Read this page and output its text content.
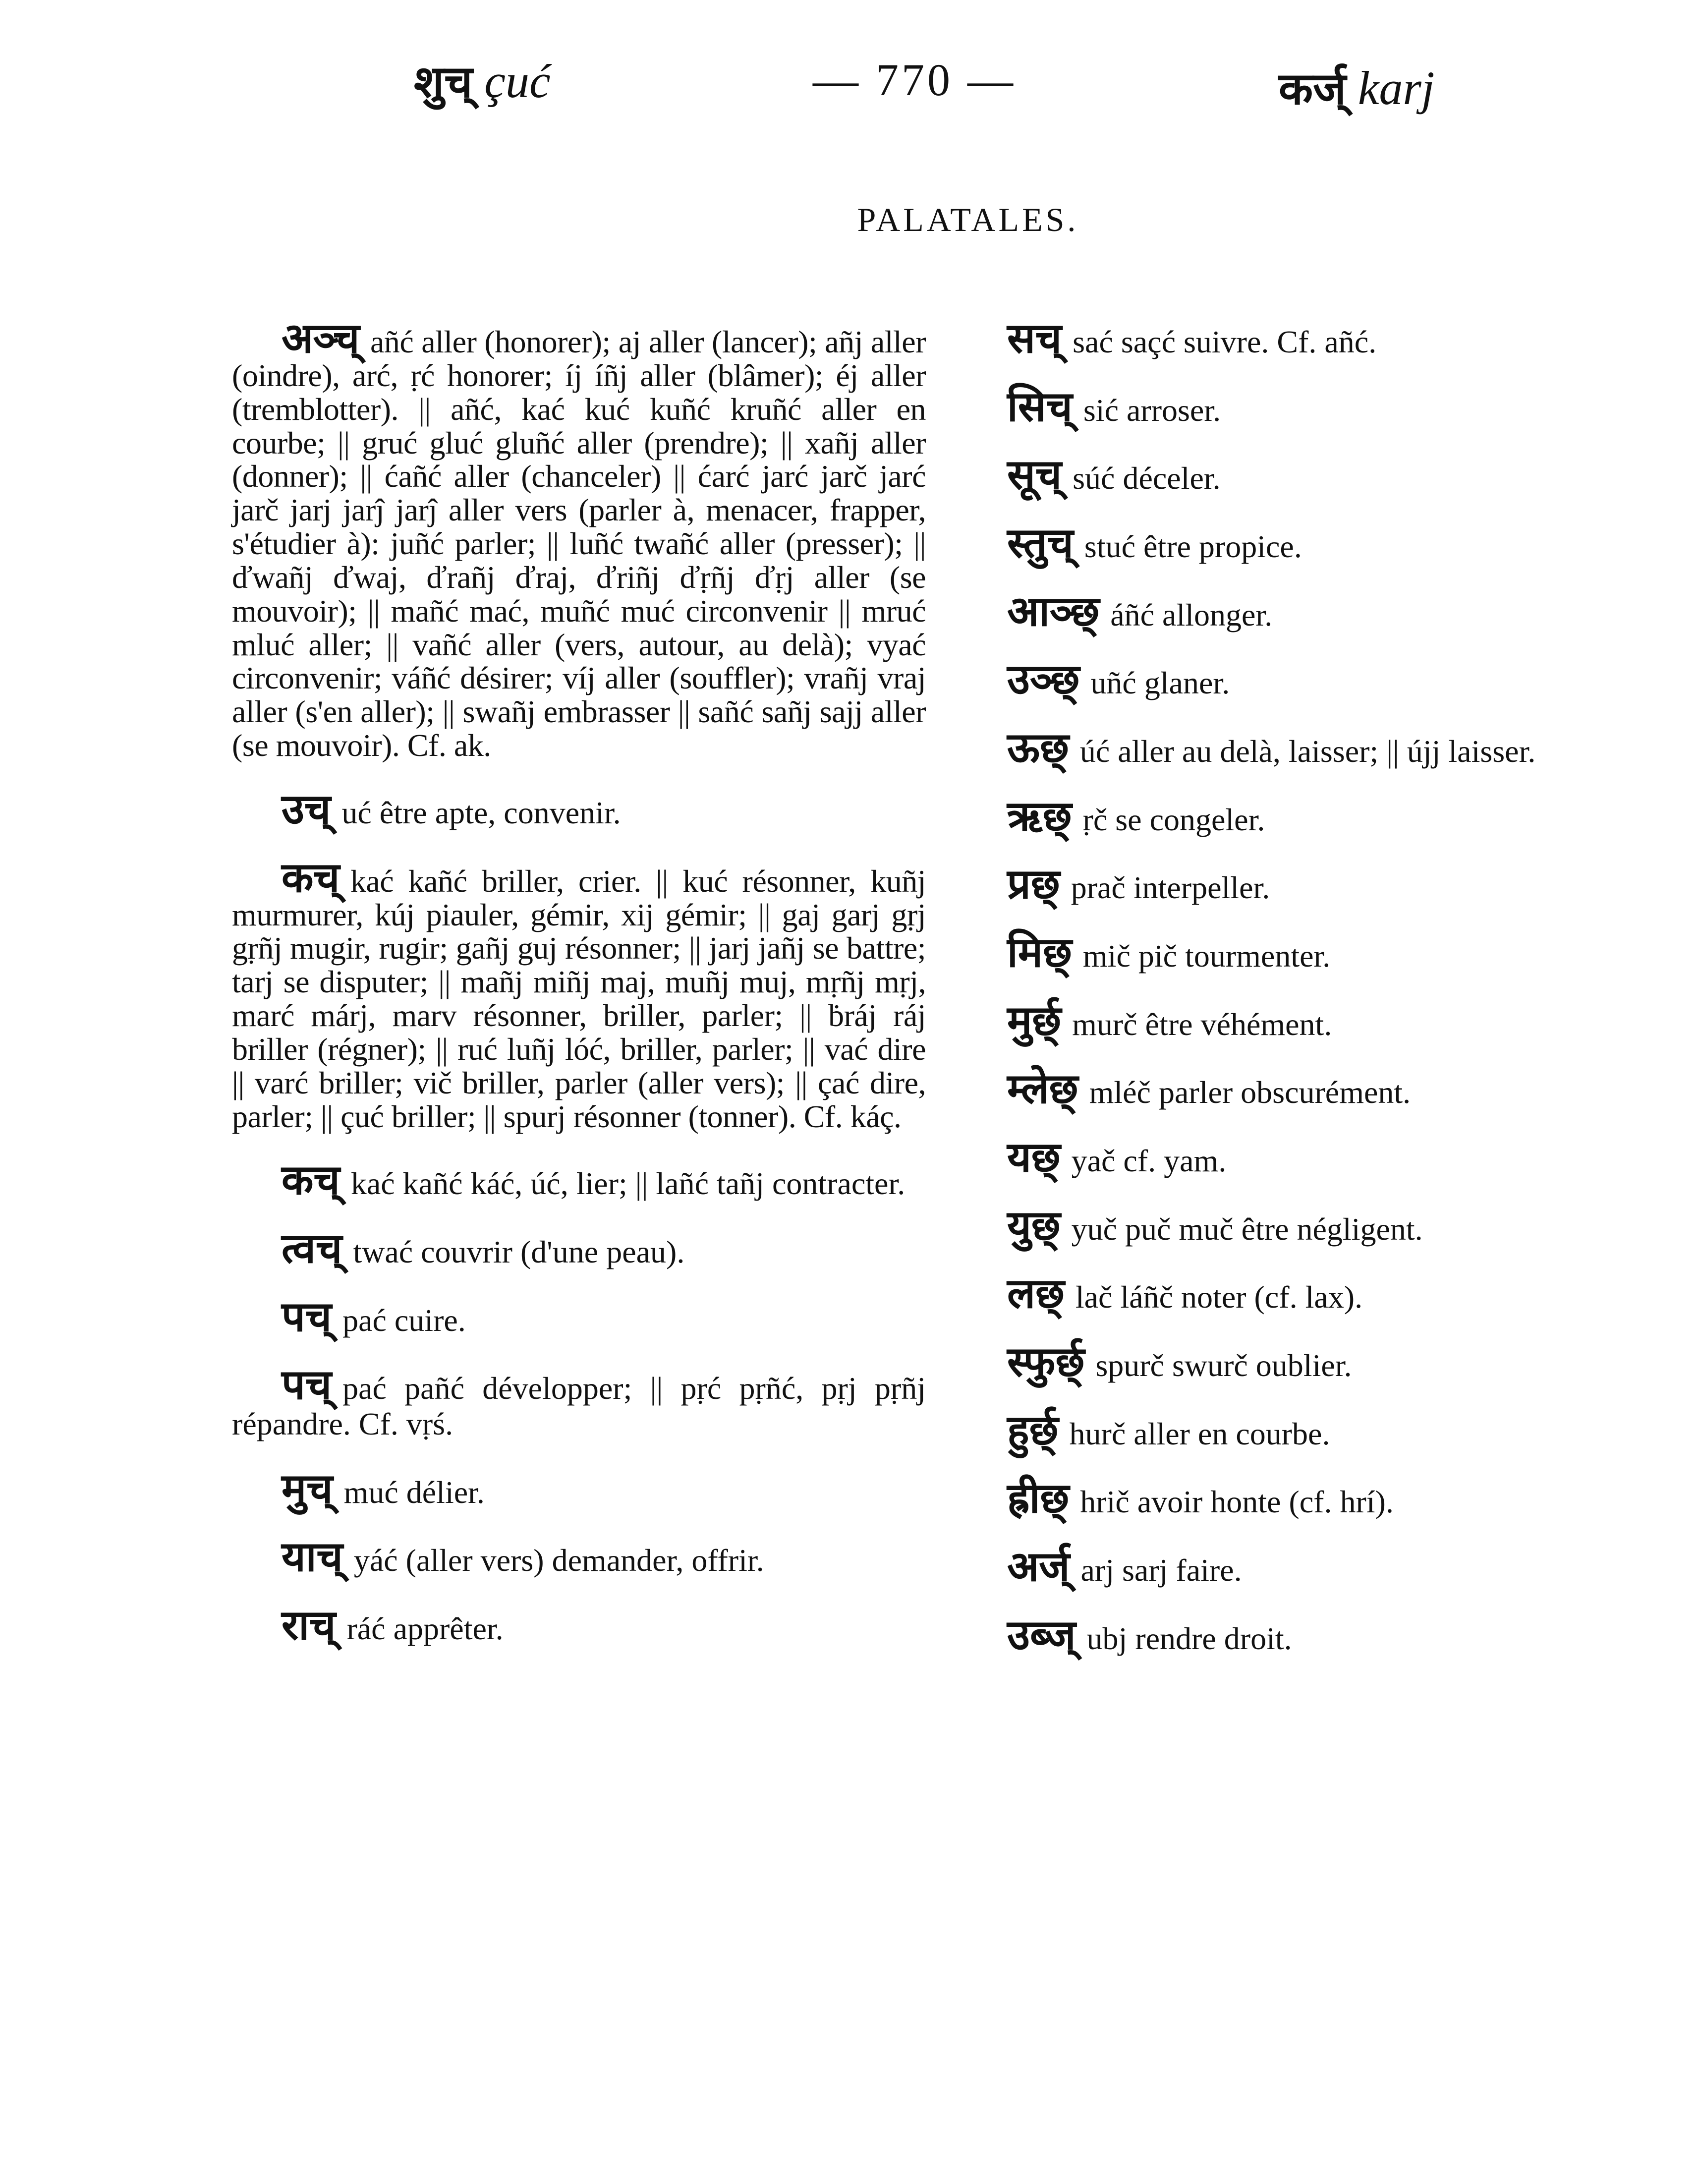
शुच् çuć	— 770 —	कर्ज् karj
PALATALES.
अञ्च् añć aller (honorer); aj aller (lancer); añj aller (oindre), arć, ṛć honorer; íj íñj aller (blâmer); éj aller (tremblotter). || añć, kać kuć kuñć kruñć aller en courbe; || gruć gluć gluñć aller (prendre); || xañj aller (donner); || ćañć aller (chanceler) || ćarć jarć jarč jarć jarč jarj jarĵ jarĵ aller vers (parler à, menacer, frapper, s'étudier à): juñć parler; || luñć twañć aller (presser); || ďwañj ďwaj, ďrañj ďraj, ďriñj ďṛñj ďṛj aller (se mouvoir); || mañć mać, muñć muć circonvenir || mruć mluć aller; || vañć aller (vers, autour, au delà); vyać circonvenir; váñć désirer; víj aller (souffler); vrañj vraj aller (s'en aller); || swañj embrasser || sañć sañj sajj aller (se mouvoir). Cf. ak.
उच् uć être apte, convenir.
कच् kać kañć briller, crier. || kuć résonner, kuñj murmurer, kúj piauler, gémir, xij gémir; || gaj garj gṛj gṛñj mugir, rugir; gañj guj résonner; || jarj jañj se battre; tarj se disputer; || mañj miñj maj, muñj muj, mṛñj mṛj, marć márj, marv résonner, briller, parler; || ḃráj ráj briller (régner); || ruć luñj lóć, briller, parler; || vać dire || varć briller; vič briller, parler (aller vers); || çać dire, parler; || çuć briller; || spurj résonner (tonner). Cf. káç.
कच् kać kañć káć, úć, lier; || lañć tañj contracter.
त्वच् twać couvrir (d'une peau).
पच् pać cuire.
पच् pać pañć développer; || pṛć pṛñć, pṛj pṛñj répandre. Cf. vṛś.
मुच् muć délier.
याच् yáć (aller vers) demander, offrir.
राच् ráć apprêter.
सच् sać saçć suivre. Cf. añć.
सिच् sić arroser.
सूच् súć déceler.
स्तुच् stuć être propice.
आञ्छ् áñć allonger.
उञ्छ् uñć glaner.
ऊछ् úć aller au delà, laisser; || újj laisser.
ऋछ् ṛč se congeler.
प्रछ् prač interpeller.
मिछ् mič pič tourmenter.
मुर्छ् murč être véhément.
म्लेछ् mléč parler obscurément.
यछ् yač cf. yam.
युछ् yuč puč muč être négligent.
लछ् lač láñč noter (cf. lax).
स्फुर्छ् spurč swurč oublier.
हुर्छ् hurč aller en courbe.
ह्रीछ् hrič avoir honte (cf. hrí).
अर्ज् arj sarj faire.
उब्ज् ubj rendre droit.
